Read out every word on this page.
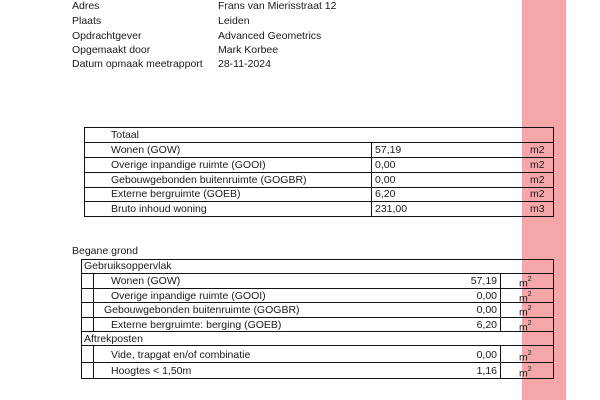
Adres	Frans van Mierisstraat 12
Plaats	Leiden
Opdrachtgever	Advanced Geometrics
Opgemaakt door	Mark Korbee
Datum opmaak meetrapport 28-11-2024
Totaal
Wonen (GOW)	57,19	m2
Overige inpandige ruimte (GOOI)	0,00	m2
Gebouwgebonden buitenruimte (GOGBR)	0,00	m2
Externe bergruimte (GOEB)	6,20	m2
Bruto inhoud woning	231,00	m3
Begane grond
Gebruiksoppervlak
Wonen (GOW)	57,19 $m^2$
Overige inpandige ruimte (GOOI)	0,00 $m^2$
Gebouwgebonden buitenruimte (GOGBR)	0,00 $m^2$
Externe bergruimte: berging (GOEB)	6,20 $m^2$
Aftrekposten
Vide, trapgat en/of combinatie	0,00 $m^2$
Hoogtes < 1,50m	1,16 $m^2$
